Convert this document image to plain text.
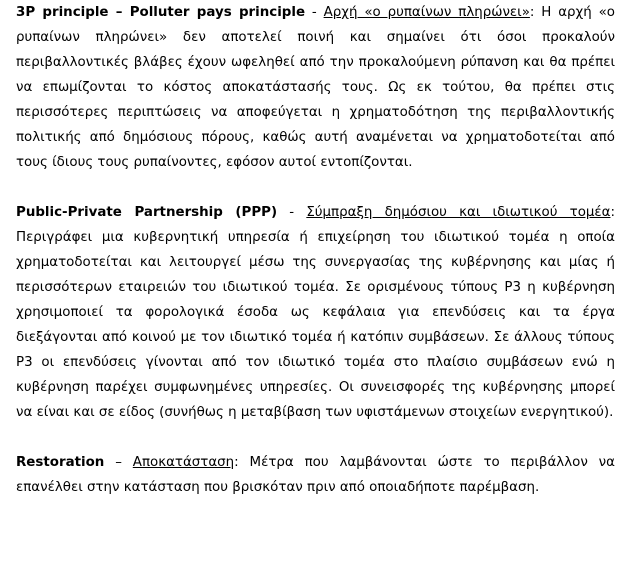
3P principle – Polluter pays principle - Αρχή «ο ρυπαίνων πληρώνει»: Η αρχή «ο ρυπαίνων πληρώνει» δεν αποτελεί ποινή και σημαίνει ότι όσοι προκαλούν περιβαλλοντικές βλάβες έχουν ωφεληθεί από την προκαλούμενη ρύπανση και θα πρέπει να επωμίζονται το κόστος αποκατάστασής τους. Ως εκ τούτου, θα πρέπει στις περισσότερες περιπτώσεις να αποφεύγεται η χρηματοδότηση της περιβαλλοντικής πολιτικής από δημόσιους πόρους, καθώς αυτή αναμένεται να χρηματοδοτείται από τους ίδιους τους ρυπαίνοντες, εφόσον αυτοί εντοπίζονται.

Public-Private Partnership (PPP) - Σύμπραξη δημόσιου και ιδιωτικού τομέα: Περιγράφει μια κυβερνητική υπηρεσία ή επιχείρηση του ιδιωτικού τομέα η οποία χρηματοδοτείται και λειτουργεί μέσω της συνεργασίας της κυβέρνησης και μίας ή περισσότερων εταιρειών του ιδιωτικού τομέα. Σε ορισμένους τύπους P3 η κυβέρνηση χρησιμοποιεί τα φορολογικά έσοδα ως κεφάλαια για επενδύσεις και τα έργα διεξάγονται από κοινού με τον ιδιωτικό τομέα ή κατόπιν συμβάσεων. Σε άλλους τύπους P3 οι επενδύσεις γίνονται από τον ιδιωτικό τομέα στο πλαίσιο συμβάσεων ενώ η κυβέρνηση παρέχει συμφωνημένες υπηρεσίες. Οι συνεισφορές της κυβέρνησης μπορεί να είναι και σε είδος (συνήθως η μεταβίβαση των υφιστάμενων στοιχείων ενεργητικού).

Restoration – Αποκατάσταση: Μέτρα που λαμβάνονται ώστε το περιβάλλον να επανέλθει στην κατάσταση που βρισκόταν πριν από οποιαδήποτε παρέμβαση.
